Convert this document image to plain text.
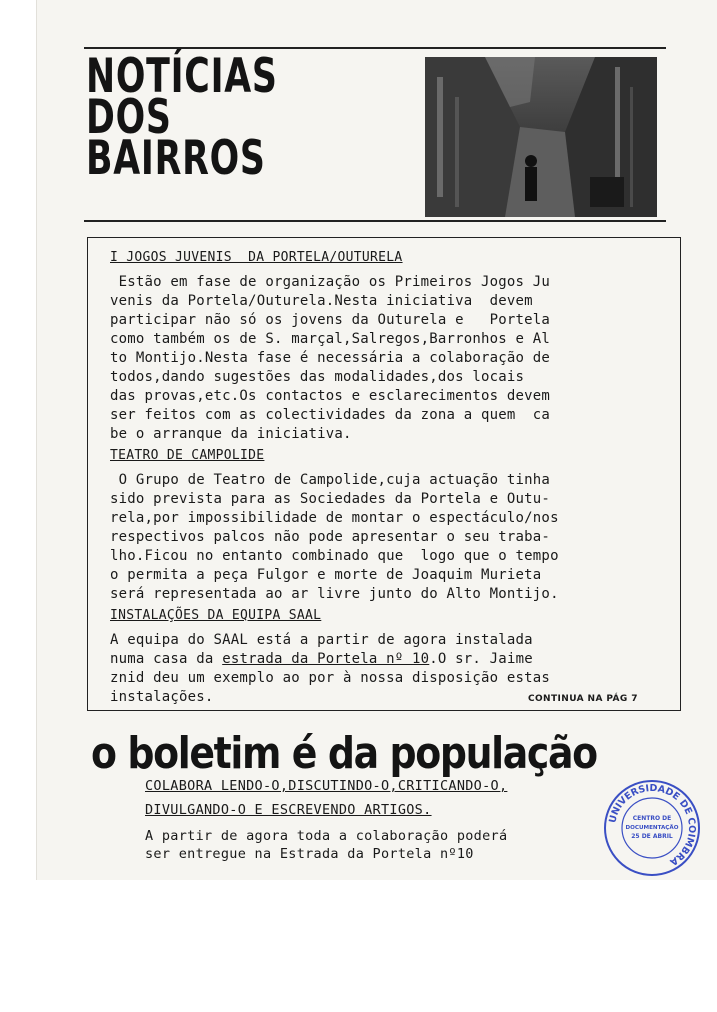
NOTÍCIAS
DOS
BAIRROS
I JOGOS JUVENIS  DA PORTELA/OUTURELA
Estão em fase de organização os Primeiros Jogos Ju
venis da Portela/Outurela.Nesta iniciativa  devem
participar não só os jovens da Outurela e   Portela
como também os de S. marçal,Salregos,Barronhos e Al
to Montijo.Nesta fase é necessária a colaboração de
todos,dando sugestões das modalidades,dos locais
das provas,etc.Os contactos e esclarecimentos devem
ser feitos com as colectividades da zona a quem  ca
be o arranque da iniciativa.
TEATRO DE CAMPOLIDE
O Grupo de Teatro de Campolide,cuja actuação tinha
sido prevista para as Sociedades da Portela e Outu-
rela,por impossibilidade de montar o espectáculo/nos
respectivos palcos não pode apresentar o seu traba-
lho.Ficou no entanto combinado que  logo que o tempo
o permita a peça Fulgor e morte de Joaquim Murieta
será representada ao ar livre junto do Alto Montijo.
INSTALAÇÕES DA EQUIPA SAAL
A equipa do SAAL está a partir de agora instalada
numa casa da estrada da Portela nº 10.O sr. Jaime
znid deu um exemplo ao por à nossa disposição estas
instalações.	CONTINUA NA PÁG 7
o boletim é da população
COLABORA LENDO-O,DISCUTINDO-O,CRITICANDO-O,
DIVULGANDO-O E ESCREVENDO ARTIGOS.
A partir de agora toda a colaboração poderá
ser entregue na Estrada da Portela nº10
UNIVERSIDADE DE COIMBRA
CENTRO DE
DOCUMENTAÇÃO
25 DE ABRIL
